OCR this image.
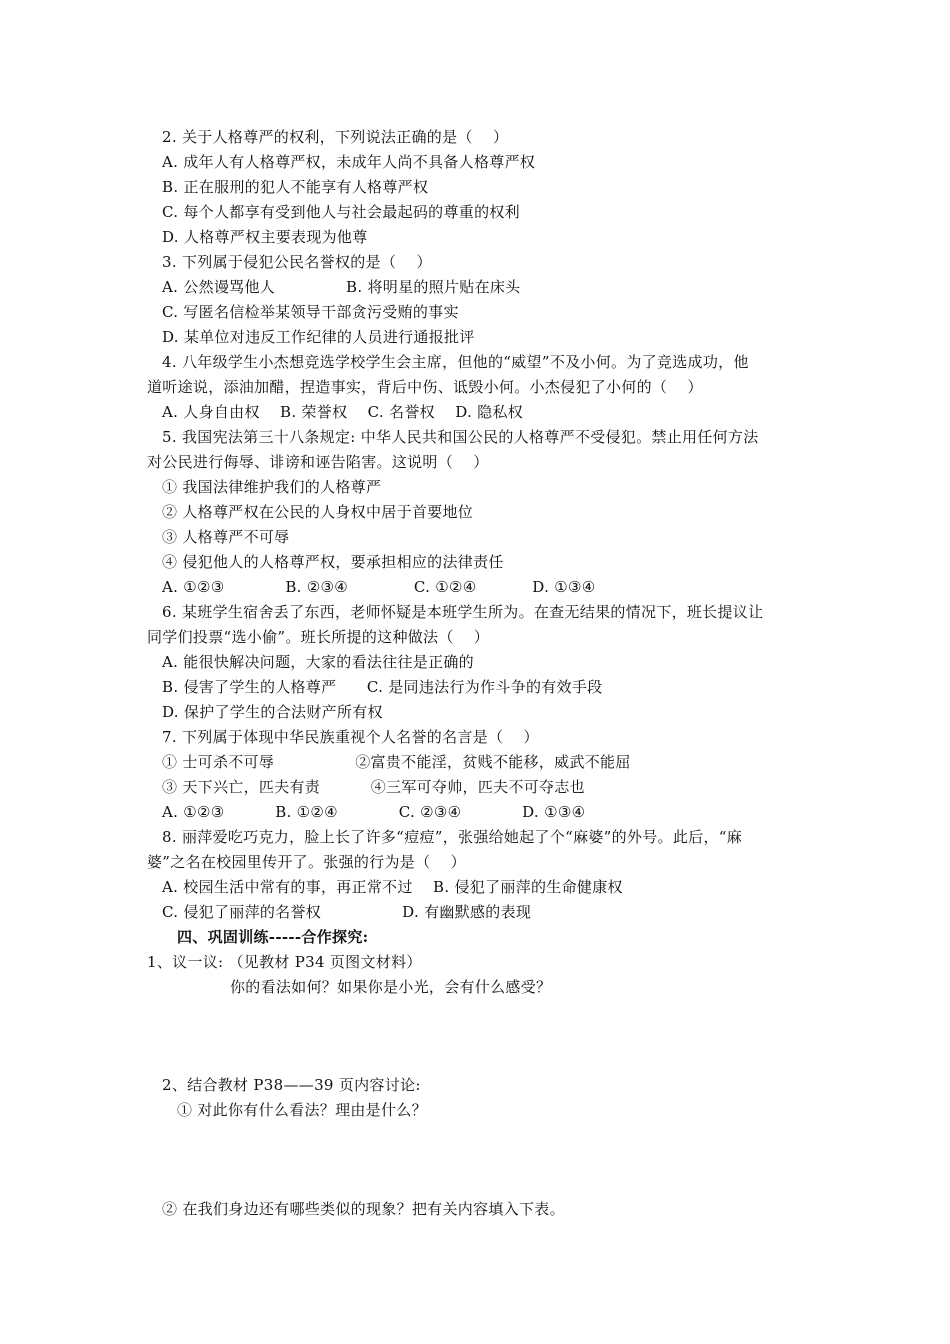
2. 关于人格尊严的权利，下列说法正确的是（    ）
A. 成年人有人格尊严权，未成年人尚不具备人格尊严权
B. 正在服刑的犯人不能享有人格尊严权
C. 每个人都享有受到他人与社会最起码的尊重的权利
D. 人格尊严权主要表现为他尊
3. 下列属于侵犯公民名誉权的是（    ）
A. 公然谩骂他人              B. 将明星的照片贴在床头
C. 写匿名信检举某领导干部贪污受贿的事实
D. 某单位对违反工作纪律的人员进行通报批评
4. 八年级学生小杰想竞选学校学生会主席，但他的“威望”不及小何。为了竞选成功，他
道听途说，添油加醋，捏造事实，背后中伤、诋毁小何。小杰侵犯了小何的（    ）
A. 人身自由权    B. 荣誉权    C. 名誉权    D. 隐私权
5. 我国宪法第三十八条规定: 中华人民共和国公民的人格尊严不受侵犯。禁止用任何方法
对公民进行侮辱、诽谤和诬告陷害。这说明（    ）
① 我国法律维护我们的人格尊严
② 人格尊严权在公民的人身权中居于首要地位
③ 人格尊严不可辱
④ 侵犯他人的人格尊严权，要承担相应的法律责任
A. ①②③            B. ②③④             C. ①②④           D. ①③④
6. 某班学生宿舍丢了东西，老师怀疑是本班学生所为。在查无结果的情况下，班长提议让
同学们投票“选小偷”。班长所提的这种做法（    ）
A. 能很快解决问题，大家的看法往往是正确的
B. 侵害了学生的人格尊严      C. 是同违法行为作斗争的有效手段
D. 保护了学生的合法财产所有权
7. 下列属于体现中华民族重视个人名誉的名言是（    ）
① 士可杀不可辱                ②富贵不能淫，贫贱不能移，威武不能屈
③ 天下兴亡，匹夫有责          ④三军可夺帅，匹夫不可夺志也
A. ①②③          B. ①②④            C. ②③④            D. ①③④
8. 丽萍爱吃巧克力，脸上长了许多“痘痘”，张强给她起了个“麻婆”的外号。此后，“麻
婆”之名在校园里传开了。张强的行为是（    ）
A. 校园生活中常有的事，再正常不过    B. 侵犯了丽萍的生命健康权
C. 侵犯了丽萍的名誉权                D. 有幽默感的表现
四、巩固训练-----合作探究:
1、议一议: （见教材 P34 页图文材料）
你的看法如何？如果你是小光，会有什么感受？
2、结合教材 P38——39 页内容讨论:
① 对此你有什么看法？理由是什么？
② 在我们身边还有哪些类似的现象？把有关内容填入下表。
